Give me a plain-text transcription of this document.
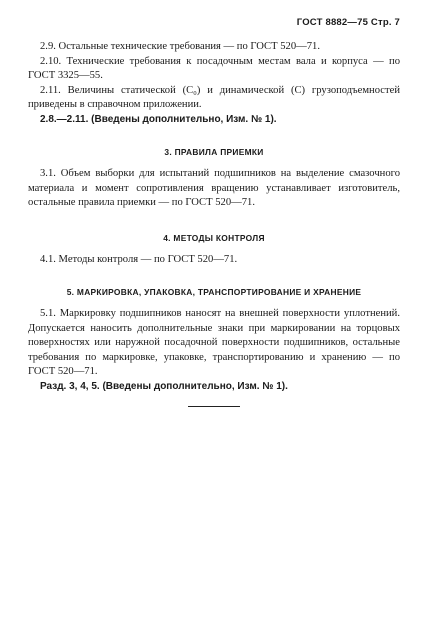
ГОСТ 8882—75 Стр. 7

2.9. Остальные технические требования — по ГОСТ 520—71.

2.10. Технические требования к посадочным местам вала и корпуса — по ГОСТ 3325—55.

2.11. Величины статической (C₀) и динамической (C) грузоподъемностей приведены в справочном приложении.

2.8.—2.11. (Введены дополнительно, Изм. № 1).

3. ПРАВИЛА ПРИЕМКИ

3.1. Объем выборки для испытаний подшипников на выделение смазочного материала и момент сопротивления вращению устанавливает изготовитель, остальные правила приемки — по ГОСТ 520—71.

4. МЕТОДЫ КОНТРОЛЯ

4.1. Методы контроля — по ГОСТ 520—71.

5. МАРКИРОВКА, УПАКОВКА, ТРАНСПОРТИРОВАНИЕ И ХРАНЕНИЕ

5.1. Маркировку подшипников наносят на внешней поверхности уплотнений. Допускается наносить дополнительные знаки при маркировании на торцовых поверхностях или наружной посадочной поверхности подшипников, остальные требования по маркировке, упаковке, транспортированию и хранению — по ГОСТ 520—71.

Разд. 3, 4, 5. (Введены дополнительно, Изм. № 1).
